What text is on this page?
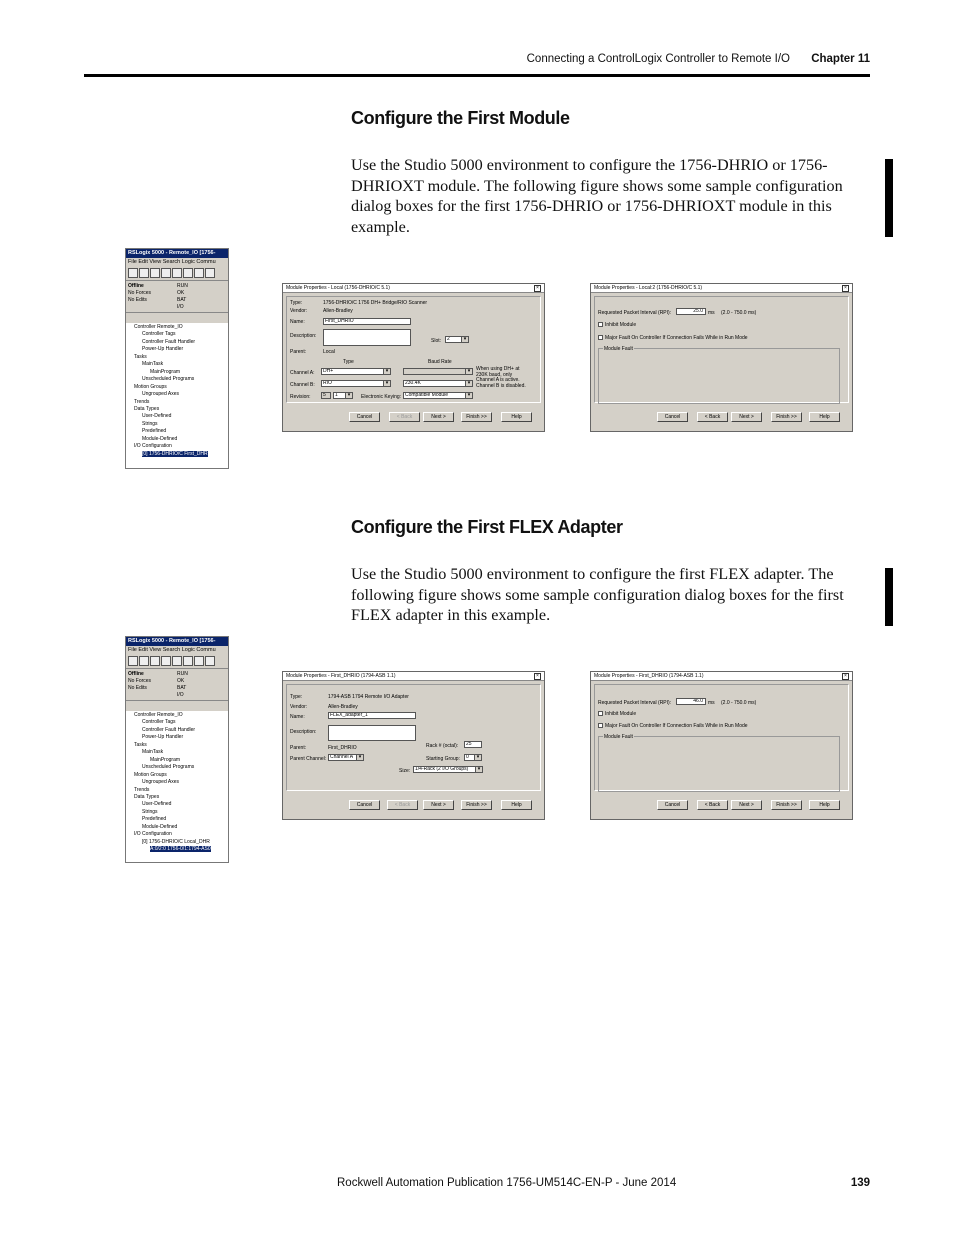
Connecting a ControlLogix Controller to Remote I/O Chapter 11
Configure the First Module

Use the Studio 5000 environment to configure the 1756-DHRIO or 1756-DHRIOXT module. The following figure shows some sample configuration dialog boxes for the first 1756-DHRIO or 1756-DHRIOXT module in this example.

RSLogix 5000 - Remote_IO [1756-
File Edit View Search Logic Commu
Offline
No Forces
No Edits
RUN
OK
BAT
I/O
Controller Remote_IO
Controller Tags
Controller Fault Handler
Power-Up Handler
Tasks
MainTask
MainProgram
Unscheduled Programs
Motion Groups
Ungrouped Axes
Trends
Data Types
User-Defined
Strings
Predefined
Module-Defined
I/O Configuration
[0] 1756-DHRIO/C First_DHR
Module Properties - Local (1756-DHRIO/C 5.1)	×
Type:	1756-DHRIO/C 1756 DH+ Bridge/RIO Scanner
Vendor:	Allen-Bradley
Name:	First_DHRIO
Description:
Slot:	2 ▾
Parent:	Local
Type	Baud Rate
Channel A:	DH+ ▾
▾
Channel B:	RIO ▾	230.4K ▾
When using DH+ at 230K baud, only Channel A is active. Channel B is disabled.
Revision:	5	1 ▾	Electronic Keying: Compatible Module ▾
Cancel	< Back	Next >	Finish >>	Help
Module Properties - Local:2 (1756-DHRIO/C 5.1)	×
Requested Packet Interval (RPI):	25.0	ms (2.0 - 750.0 ms)
Inhibit Module
Major Fault On Controller If Connection Fails While in Run Mode
Module Fault
Cancel	< Back	Next >	Finish >>	Help
Configure the First FLEX Adapter

Use the Studio 5000 environment to configure the first FLEX adapter. The following figure shows some sample configuration dialog boxes for the first FLEX adapter in this example.

RSLogix 5000 - Remote_IO [1756-
File Edit View Search Logic Commu
Offline
No Forces
No Edits
RUN
OK
BAT
I/O
Controller Remote_IO
Controller Tags
Controller Fault Handler
Power-Up Handler
Tasks
MainTask
MainProgram
Unscheduled Programs
Motion Groups
Ungrouped Axes
Trends
Data Types
User-Defined
Strings
Predefined
Module-Defined
I/O Configuration
[0] 1756-DHRIO/C Local_DHR
A:0/2:0 1756-0/1:1794-AS0
Module Properties - First_DHRIO (1794-ASB 1.1)	×
Type:	1794-ASB 1794 Remote I/O Adapter
Vendor:	Allen-Bradley
Name:	FLEX_adapter_1
Description:
Parent:	First_DHRIO
Parent Channel: Channel A ▾
Rack # (octal):	25
Starting Group:	0 ▾
Size: 1/4-Rack (2 I/O Groups) ▾
Cancel	< Back	Next >	Finish >>	Help
Module Properties - First_DHRIO (1794-ASB 1.1)	×
Requested Packet Interval (RPI):	46.0	ms (2.0 - 750.0 ms)
Inhibit Module
Major Fault On Controller If Connection Fails While in Run Mode
Module Fault
Cancel	< Back	Next >	Finish >>	Help
Rockwell Automation Publication 1756-UM514C-EN-P - June 2014	139
